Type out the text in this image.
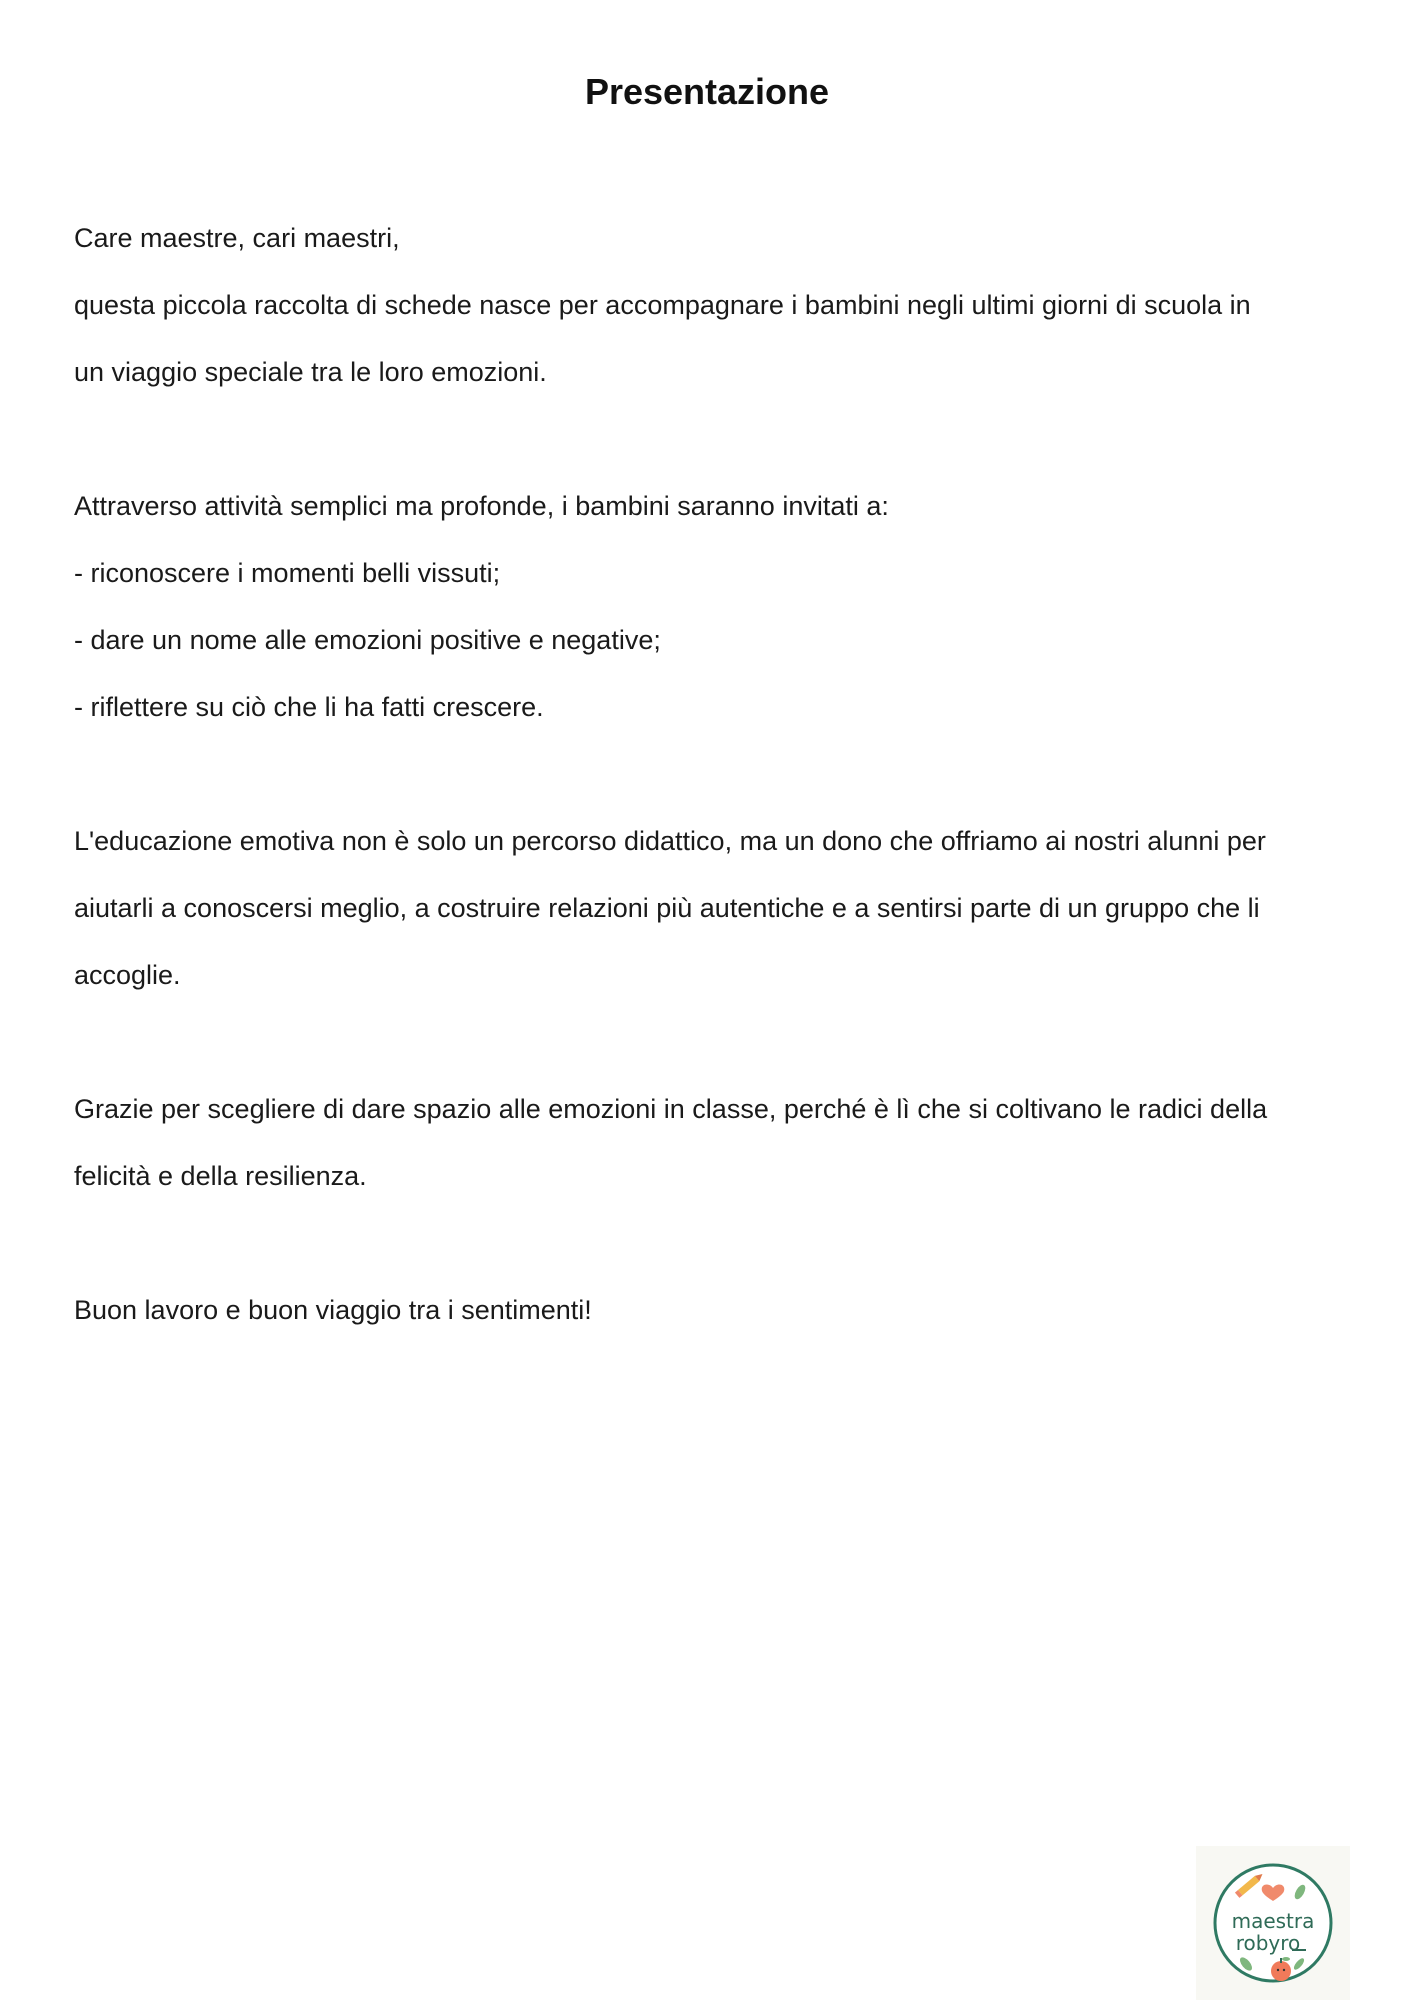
Presentazione

Care maestre, cari maestri,

questa piccola raccolta di schede nasce per accompagnare i bambini negli ultimi giorni di scuola in

un viaggio speciale tra le loro emozioni.

Attraverso attività semplici ma profonde, i bambini saranno invitati a:

- riconoscere i momenti belli vissuti;

- dare un nome alle emozioni positive e negative;

- riflettere su ciò che li ha fatti crescere.

L'educazione emotiva non è solo un percorso didattico, ma un dono che offriamo ai nostri alunni per

aiutarli a conoscersi meglio, a costruire relazioni più autentiche e a sentirsi parte di un gruppo che li

accoglie.

Grazie per scegliere di dare spazio alle emozioni in classe, perché è lì che si coltivano le radici della

felicità e della resilienza.

Buon lavoro e buon viaggio tra i sentimenti!

maestra
robyro
